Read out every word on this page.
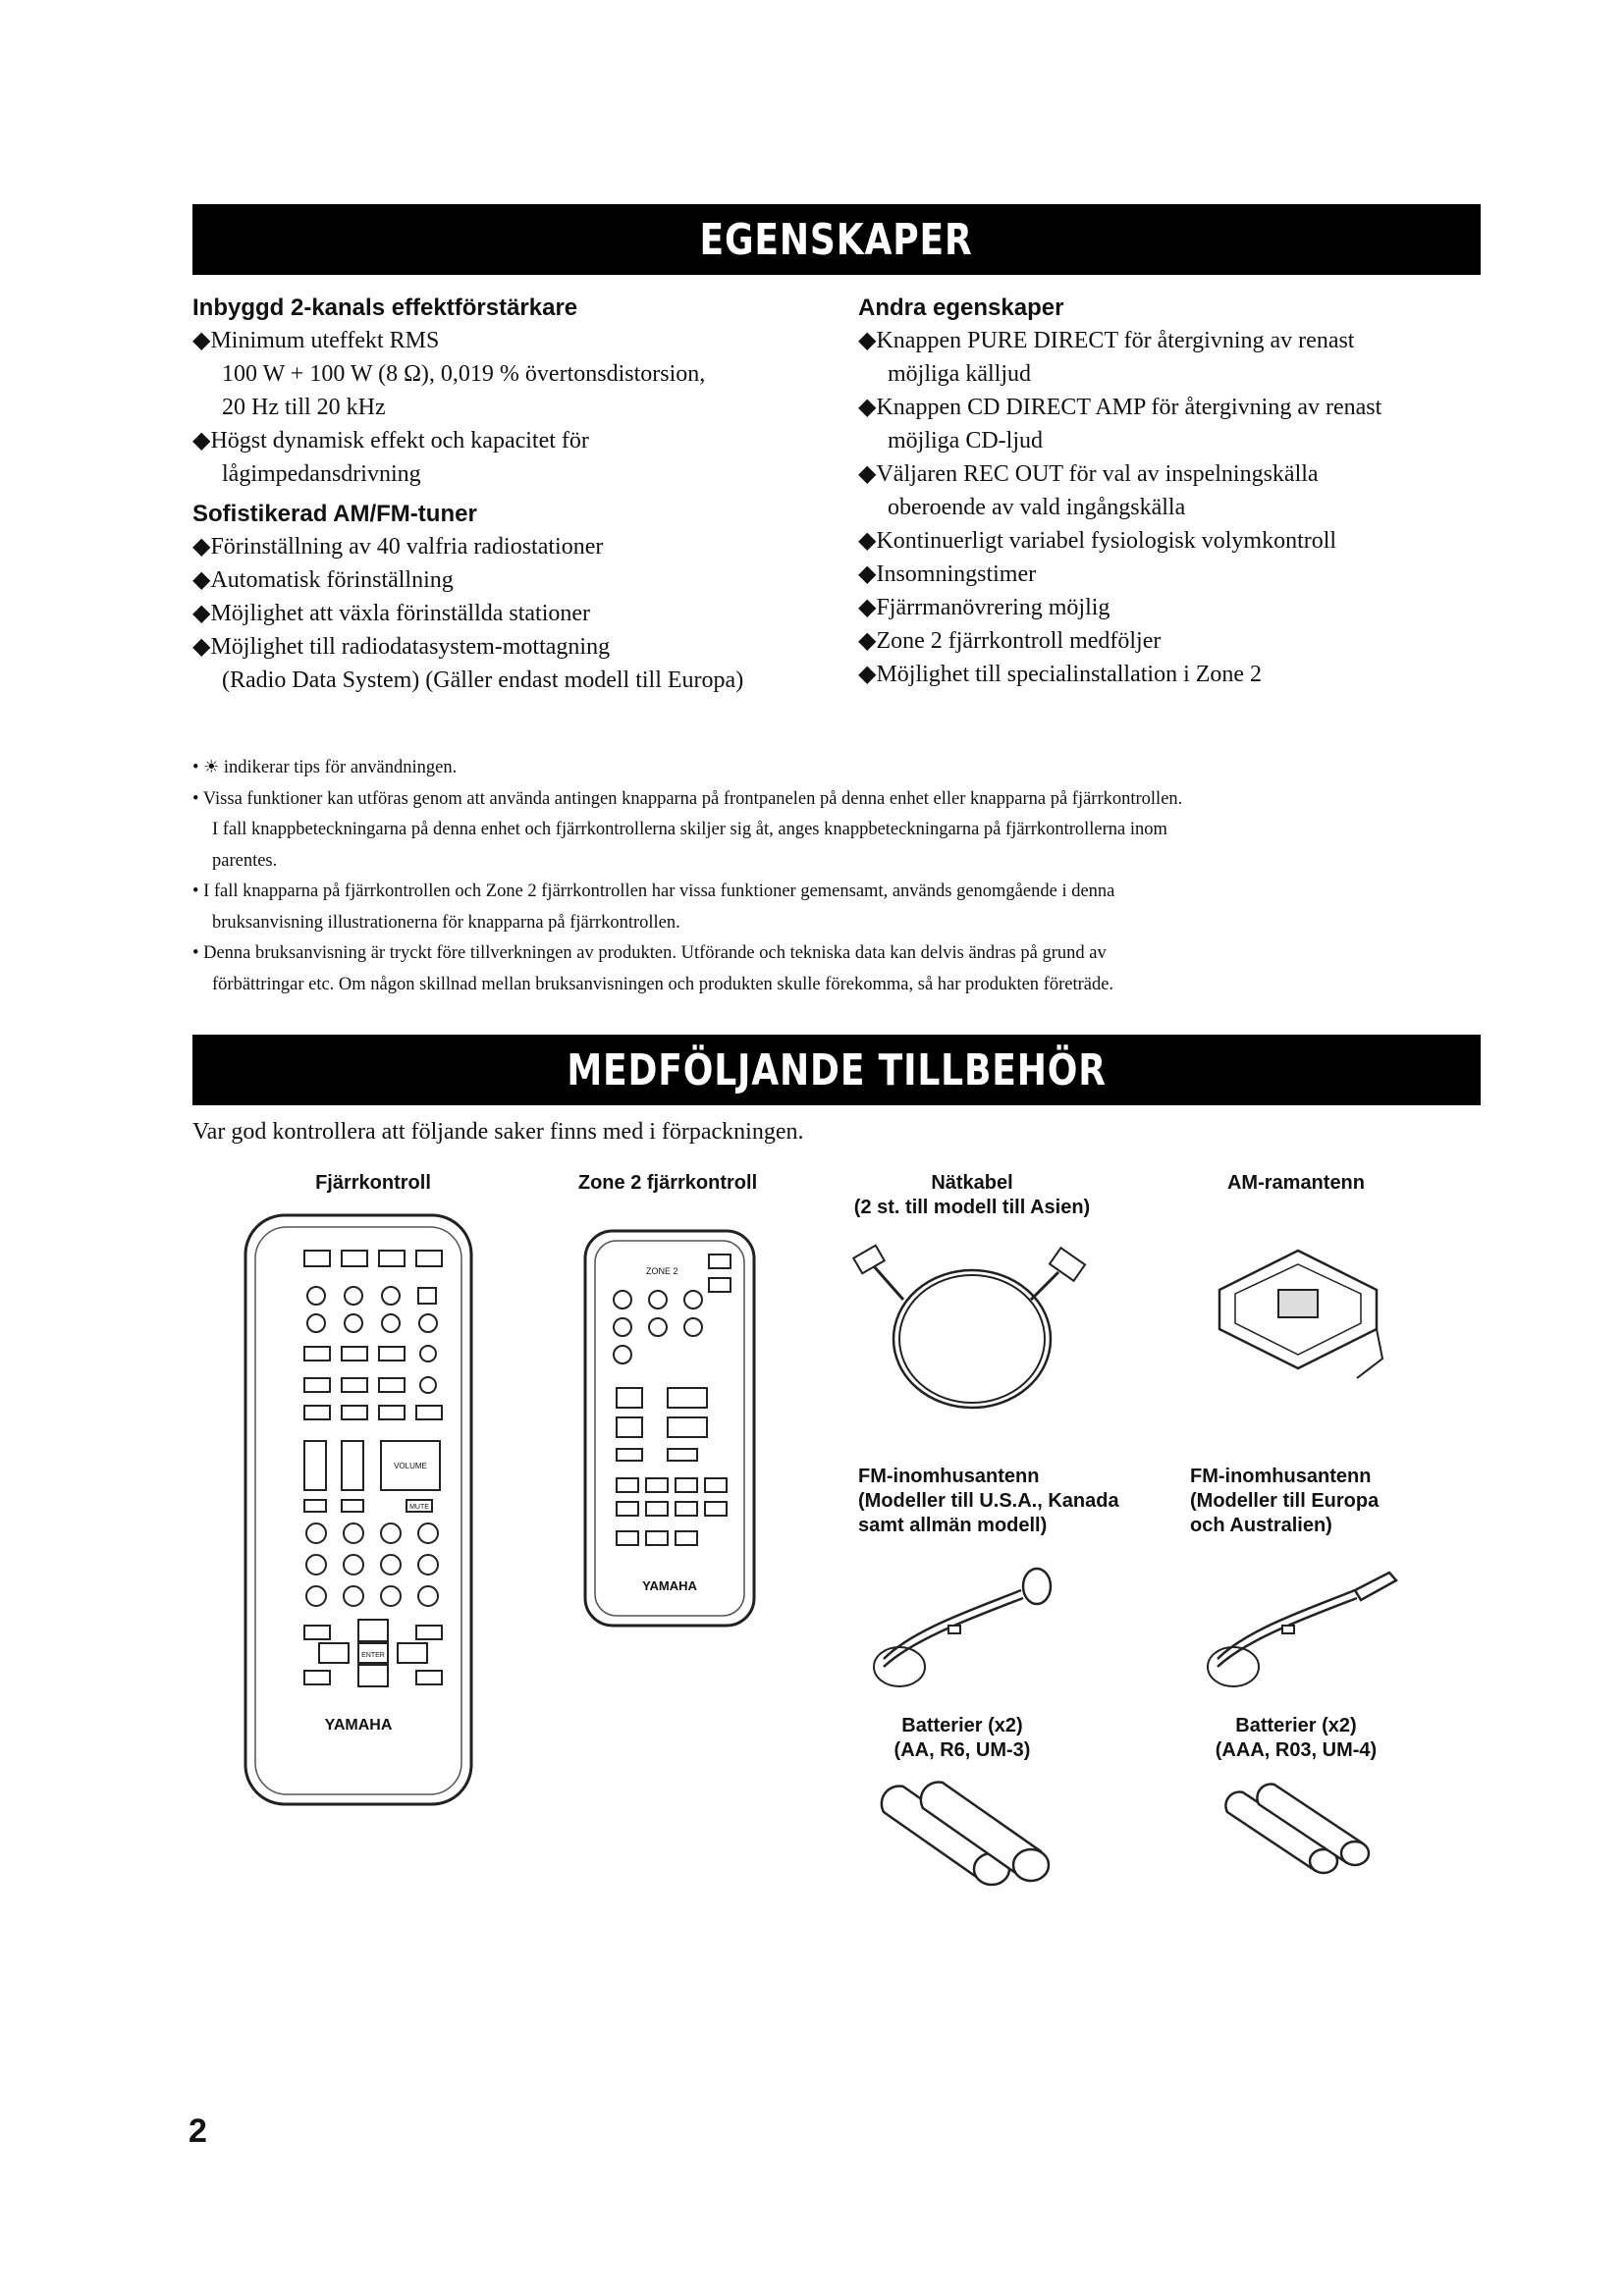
EGENSKAPER

Inbyggd 2-kanals effektförstärkare

◆Minimum uteffekt RMS

100 W + 100 W (8 Ω), 0,019 % övertonsdistorsion,

20 Hz till 20 kHz

◆Högst dynamisk effekt och kapacitet för

lågimpedansdrivning

Sofistikerad AM/FM-tuner

◆Förinställning av 40 valfria radiostationer

◆Automatisk förinställning

◆Möjlighet att växla förinställda stationer

◆Möjlighet till radiodatasystem-mottagning

(Radio Data System) (Gäller endast modell till Europa)

Andra egenskaper

◆Knappen PURE DIRECT för återgivning av renast

möjliga källjud

◆Knappen CD DIRECT AMP för återgivning av renast

möjliga CD-ljud

◆Väljaren REC OUT för val av inspelningskälla

oberoende av vald ingångskälla

◆Kontinuerligt variabel fysiologisk volymkontroll

◆Insomningstimer

◆Fjärrmanövrering möjlig

◆Zone 2 fjärrkontroll medföljer

◆Möjlighet till specialinstallation i Zone 2

• ☀ indikerar tips för användningen.

• Vissa funktioner kan utföras genom att använda antingen knapparna på frontpanelen på denna enhet eller knapparna på fjärrkontrollen.

I fall knappbeteckningarna på denna enhet och fjärrkontrollerna skiljer sig åt, anges knappbeteckningarna på fjärrkontrollerna inom

parentes.

• I fall knapparna på fjärrkontrollen och Zone 2 fjärrkontrollen har vissa funktioner gemensamt, används genomgående i denna

bruksanvisning illustrationerna för knapparna på fjärrkontrollen.

• Denna bruksanvisning är tryckt före tillverkningen av produkten. Utförande och tekniska data kan delvis ändras på grund av

förbättringar etc. Om någon skillnad mellan bruksanvisningen och produkten skulle förekomma, så har produkten företräde.

MEDFÖLJANDE TILLBEHÖR
Var god kontrollera att följande saker finns med i förpackningen.
Fjärrkontroll	Zone 2 fjärrkontroll	Nätkabel
(2 st. till modell till Asien)
AM-ramantenn
FM-inomhusantenn
(Modeller till U.S.A., Kanada
samt allmän modell)
FM-inomhusantenn
(Modeller till Europa
och Australien)
Batterier (x2)
(AA, R6, UM-3)
Batterier (x2)
(AAA, R03, UM-4)
YAMAHA
VOLUME
MUTE
ENTER
ZONE 2
YAMAHA
2
